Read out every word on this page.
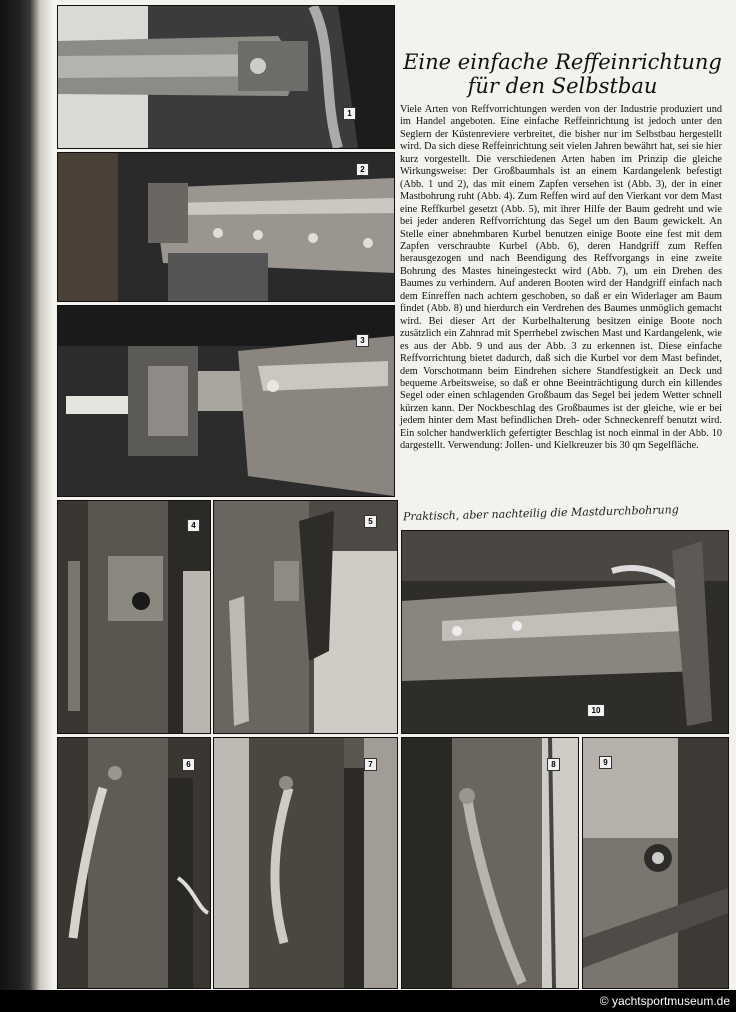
1
2
3
4	5
10
6	7	8	9
Eine einfache Reffeinrichtung
für den Selbstbau
Viele Arten von Reffvorrichtungen werden von der Industrie produziert und im Handel angeboten. Eine einfache Reffeinrichtung ist jedoch unter den Seglern der Küstenreviere verbreitet, die bisher nur im Selbstbau hergestellt wird. Da sich diese Reffeinrichtung seit vielen Jahren bewährt hat, sei sie hier kurz vorgestellt. Die verschiedenen Arten haben im Prinzip die gleiche Wirkungsweise: Der Großbaumhals ist an einem Kardangelenk befestigt (Abb. 1 und 2), das mit einem Zapfen versehen ist (Abb. 3), der in einer Mastbohrung ruht (Abb. 4). Zum Reffen wird auf den Vierkant vor dem Mast eine Reffkurbel gesetzt (Abb. 5), mit ihrer Hilfe der Baum gedreht und wie bei jeder anderen Reffvorrichtung das Segel um den Baum gewickelt. An Stelle einer abnehmbaren Kurbel benutzen einige Boote eine fest mit dem Zapfen verschraubte Kurbel (Abb. 6), deren Handgriff zum Reffen herausgezogen und nach Beendigung des Reffvorgangs in eine zweite Bohrung des Mastes hineingesteckt wird (Abb. 7), um ein Drehen des Baumes zu verhindern. Auf anderen Booten wird der Handgriff einfach nach dem Einreffen nach achtern geschoben, so daß er ein Widerlager am Baum findet (Abb. 8) und hierdurch ein Verdrehen des Baumes unmöglich gemacht wird. Bei dieser Art der Kurbelhalterung besitzen einige Boote noch zusätzlich ein Zahnrad mit Sperrhebel zwischen Mast und Kardangelenk, wie es aus der Abb. 9 und aus der Abb. 3 zu erkennen ist. Diese einfache Reffvorrichtung bietet dadurch, daß sich die Kurbel vor dem Mast befindet, dem Vorschotmann beim Eindrehen sichere Standfestigkeit an Deck und bequeme Arbeitsweise, so daß er ohne Beeinträchtigung durch ein killendes Segel oder einen schlagenden Großbaum das Segel bei jedem Wetter schnell kürzen kann. Der Nockbeschlag des Großbaumes ist der gleiche, wie er bei jedem hinter dem Mast befindlichen Dreh- oder Schneckenreff benutzt wird. Ein solcher handwerklich gefertigter Beschlag ist noch einmal in der Abb. 10 dargestellt. Verwendung: Jollen- und Kielkreuzer bis 30 qm Segelfläche.
Praktisch, aber nachteilig die Mastdurchbohrung
© yachtsportmuseum.de
